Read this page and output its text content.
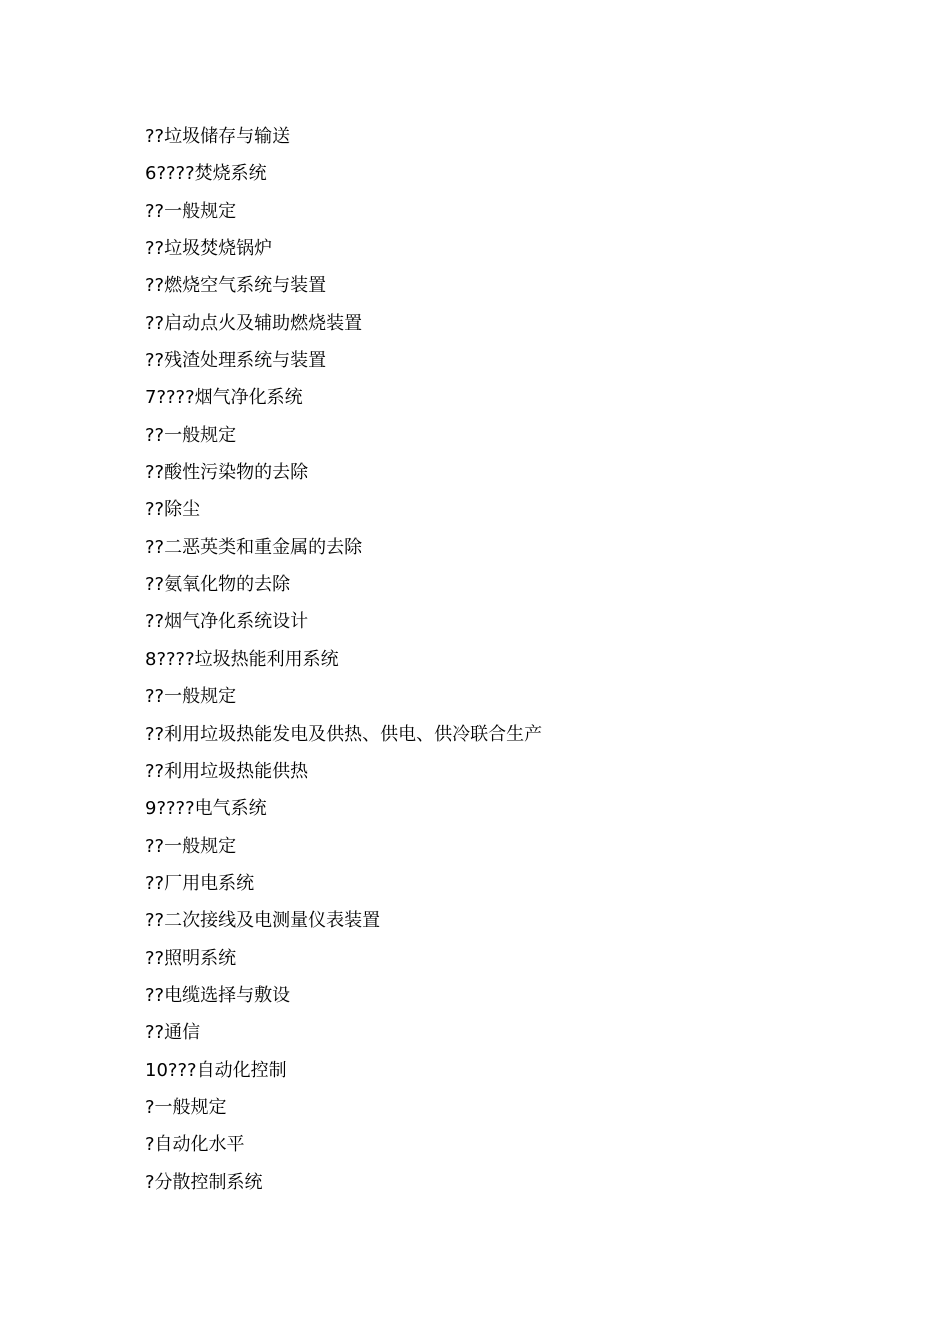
??垃圾储存与输送
6????焚烧系统
??一般规定
??垃圾焚烧锅炉
??燃烧空气系统与装置
??启动点火及辅助燃烧装置
??残渣处理系统与装置
7????烟气净化系统
??一般规定
??酸性污染物的去除
??除尘
??二恶英类和重金属的去除
??氨氧化物的去除
??烟气净化系统设计
8????垃圾热能利用系统
??一般规定
??利用垃圾热能发电及供热、供电、供冷联合生产
??利用垃圾热能供热
9????电气系统
??一般规定
??厂用电系统
??二次接线及电测量仪表装置
??照明系统
??电缆选择与敷设
??通信
10???自动化控制
?一般规定
?自动化水平
?分散控制系统
